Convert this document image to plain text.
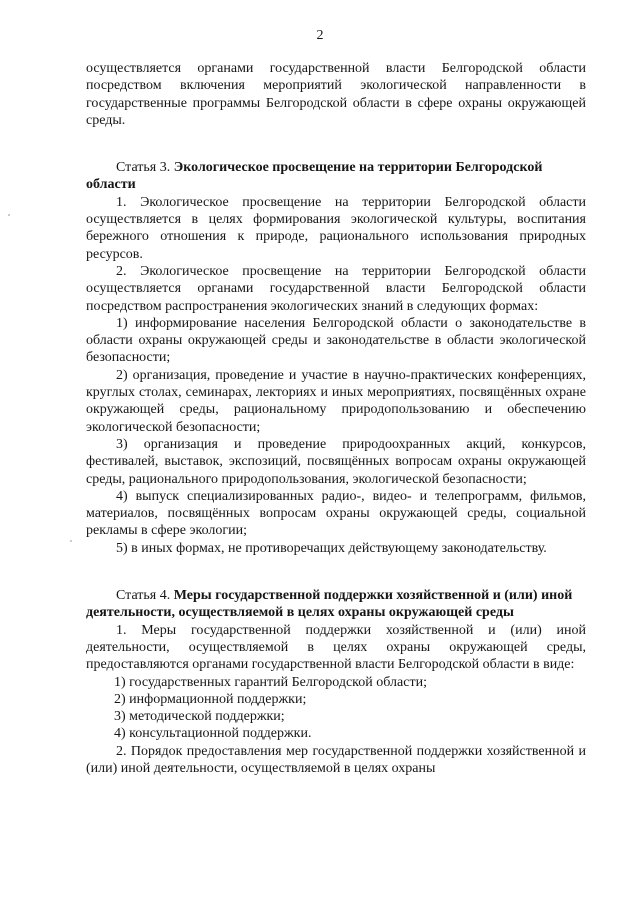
2

осуществляется органами государственной власти Белгородской области посредством включения мероприятий экологической направленности в государственные программы Белгородской области в сфере охраны окружающей среды.

Статья 3. Экологическое просвещение на территории Белгородской области

1. Экологическое просвещение на территории Белгородской области осуществляется в целях формирования экологической культуры, воспитания бережного отношения к природе, рационального использования природных ресурсов.

2. Экологическое просвещение на территории Белгородской области осуществляется органами государственной власти Белгородской области посредством распространения экологических знаний в следующих формах:

1) информирование населения Белгородской области о законодательстве в области охраны окружающей среды и законодательстве в области экологической безопасности;

2) организация, проведение и участие в научно-практических конференциях, круглых столах, семинарах, лекториях и иных мероприятиях, посвящённых охране окружающей среды, рациональному природопользованию и обеспечению экологической безопасности;

3) организация и проведение природоохранных акций, конкурсов, фестивалей, выставок, экспозиций, посвящённых вопросам охраны окружающей среды, рационального природопользования, экологической безопасности;

4) выпуск специализированных радио-, видео- и телепрограмм, фильмов, материалов, посвящённых вопросам охраны окружающей среды, социальной рекламы в сфере экологии;

5) в иных формах, не противоречащих действующему законодательству.

Статья 4. Меры государственной поддержки хозяйственной и (или) иной деятельности, осуществляемой в целях охраны окружающей среды

1. Меры государственной поддержки хозяйственной и (или) иной деятельности, осуществляемой в целях охраны окружающей среды, предоставляются органами государственной власти Белгородской области в виде:

1) государственных гарантий Белгородской области;
2) информационной поддержки;
3) методической поддержки;
4) консультационной поддержки.

2. Порядок предоставления мер государственной поддержки хозяйственной и (или) иной деятельности, осуществляемой в целях охраны
